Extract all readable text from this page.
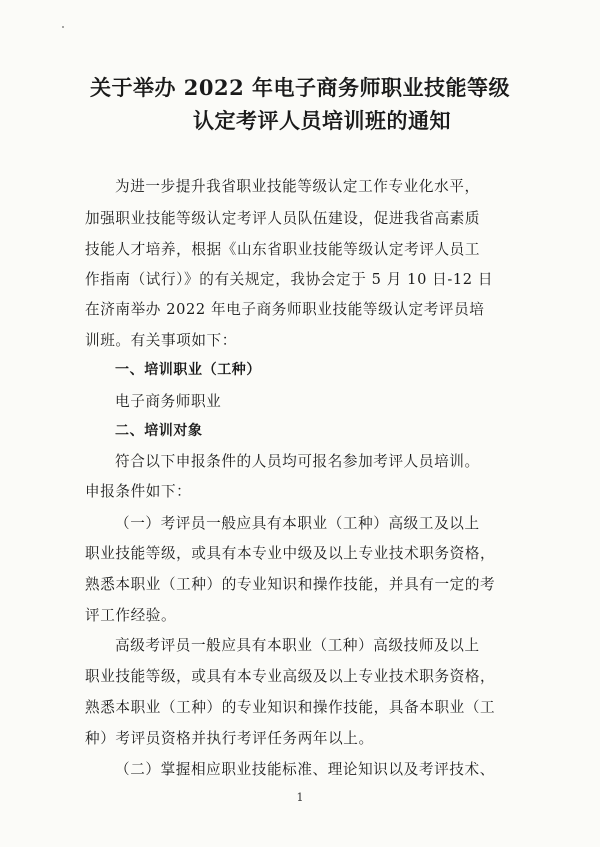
关于举办 2022 年电子商务师职业技能等级
认定考评人员培训班的通知
为进一步提升我省职业技能等级认定工作专业化水平，
加强职业技能等级认定考评人员队伍建设，促进我省高素质
技能人才培养，根据《山东省职业技能等级认定考评人员工
作指南（试行）》的有关规定，我协会定于 5 月 10 日-12 日
在济南举办 2022 年电子商务师职业技能等级认定考评员培
训班。有关事项如下：
一、培训职业（工种）
电子商务师职业
二、培训对象
符合以下申报条件的人员均可报名参加考评人员培训。
申报条件如下：
（一）考评员一般应具有本职业（工种）高级工及以上
职业技能等级，或具有本专业中级及以上专业技术职务资格，
熟悉本职业（工种）的专业知识和操作技能，并具有一定的考
评工作经验。
高级考评员一般应具有本职业（工种）高级技师及以上
职业技能等级，或具有本专业高级及以上专业技术职务资格，
熟悉本职业（工种）的专业知识和操作技能，具备本职业（工
种）考评员资格并执行考评任务两年以上。
（二）掌握相应职业技能标准、理论知识以及考评技术、
1
